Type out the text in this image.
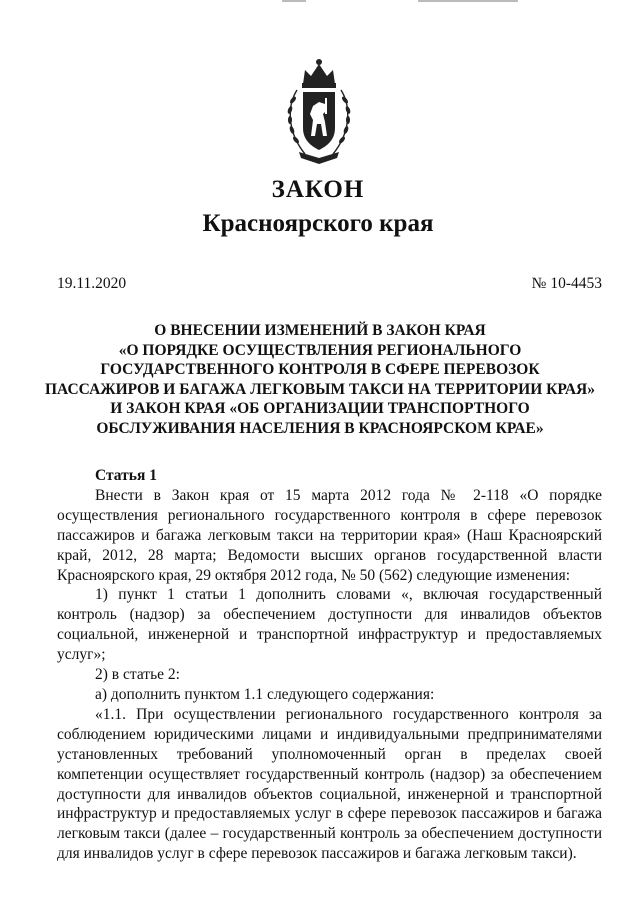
ЗАКОН
Красноярского края
19.11.2020	№ 10-4453
О ВНЕСЕНИИ ИЗМЕНЕНИЙ В ЗАКОН КРАЯ
«О ПОРЯДКЕ ОСУЩЕСТВЛЕНИЯ РЕГИОНАЛЬНОГО
ГОСУДАРСТВЕННОГО КОНТРОЛЯ В СФЕРЕ ПЕРЕВОЗОК
ПАССАЖИРОВ И БАГАЖА ЛЕГКОВЫМ ТАКСИ НА ТЕРРИТОРИИ КРАЯ»
И ЗАКОН КРАЯ «ОБ ОРГАНИЗАЦИИ ТРАНСПОРТНОГО
ОБСЛУЖИВАНИЯ НАСЕЛЕНИЯ В КРАСНОЯРСКОМ КРАЕ»
Статья 1

Внести в Закон края от 15 марта 2012 года № 2-118 «О порядке осуществления регионального государственного контроля в сфере перевозок пассажиров и багажа легковым такси на территории края» (Наш Красноярский край, 2012, 28 марта; Ведомости высших органов государственной власти Красноярского края, 29 октября 2012 года, № 50 (562) следующие изменения:

1) пункт 1 статьи 1 дополнить словами «, включая государственный контроль (надзор) за обеспечением доступности для инвалидов объектов социальной, инженерной и транспортной инфраструктур и предоставляемых услуг»;

2) в статье 2:

а) дополнить пунктом 1.1 следующего содержания:

«1.1. При осуществлении регионального государственного контроля за соблюдением юридическими лицами и индивидуальными предпринимателями установленных требований уполномоченный орган в пределах своей компетенции осуществляет государственный контроль (надзор) за обеспечением доступности для инвалидов объектов социальной, инженерной и транспортной инфраструктур и предоставляемых услуг в сфере перевозок пассажиров и багажа легковым такси (далее – государственный контроль за обеспечением доступности для инвалидов услуг в сфере перевозок пассажиров и багажа легковым такси).
